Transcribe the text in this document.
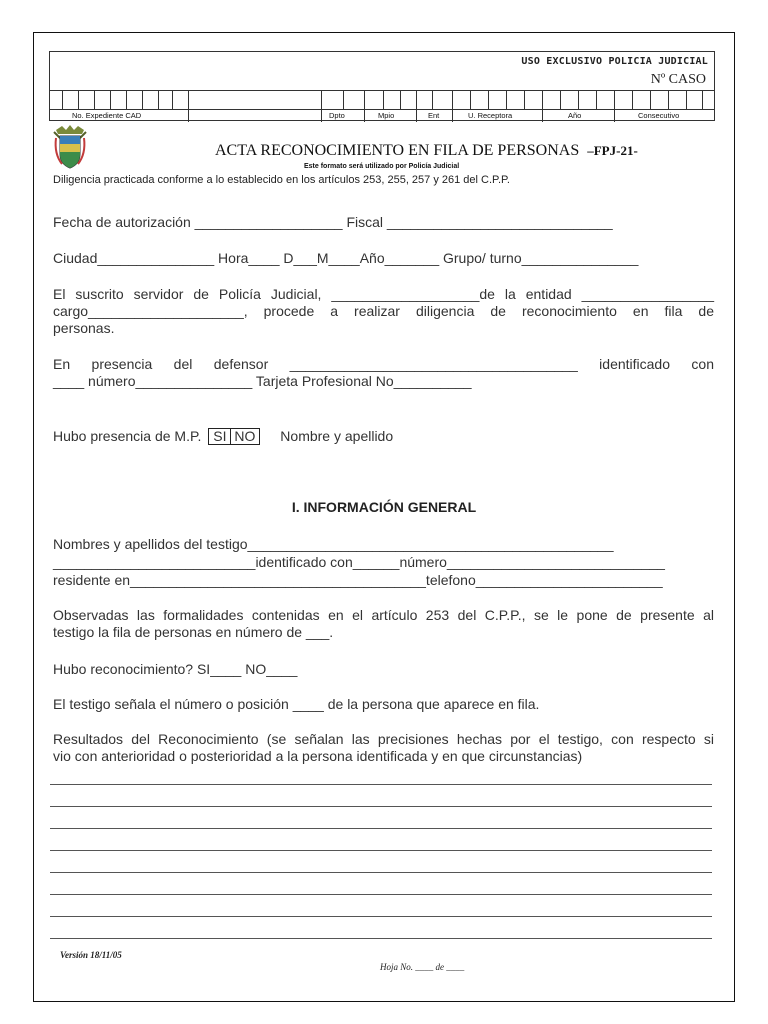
USO EXCLUSIVO POLICIA JUDICIAL
Nº CASO
No. Expediente CAD	Dpto	Mpio	Ent	U. Receptora	Año	Consecutivo
ACTA RECONOCIMIENTO EN FILA DE PERSONAS –FPJ-21-
Este formato será utilizado por Policía Judicial
Diligencia practicada conforme a lo establecido en los artículos 253, 255, 257 y 261 del C.P.P.
Fecha de autorización ___________________ Fiscal _____________________________
Ciudad_______________ Hora____ D___M____Año_______ Grupo/ turno_______________
El suscrito servidor de Policía Judicial, ___________________de la entidad _________________
cargo____________________, procede a realizar diligencia de reconocimiento en fila de
personas.
En presencia del defensor _____________________________________ identificado con
____ número_______________ Tarjeta Profesional No__________
Hubo presencia de M.P. SI NO Nombre y apellido
I. INFORMACIÓN GENERAL
Nombres y apellidos del testigo_______________________________________________
__________________________identificado con______número____________________________
residente en______________________________________telefono________________________
Observadas las formalidades contenidas en el artículo 253 del C.P.P., se le pone de presente al
testigo la fila de personas en número de ___.
Hubo reconocimiento? SI____ NO____
El testigo señala el número o posición ____ de la persona que aparece en fila.
Resultados del Reconocimiento (se señalan las precisiones hechas por el testigo, con respecto si
vio con anterioridad o posterioridad a la persona identificada y en que circunstancias)
Versión 18/11/05
Hoja No. ____ de ____
